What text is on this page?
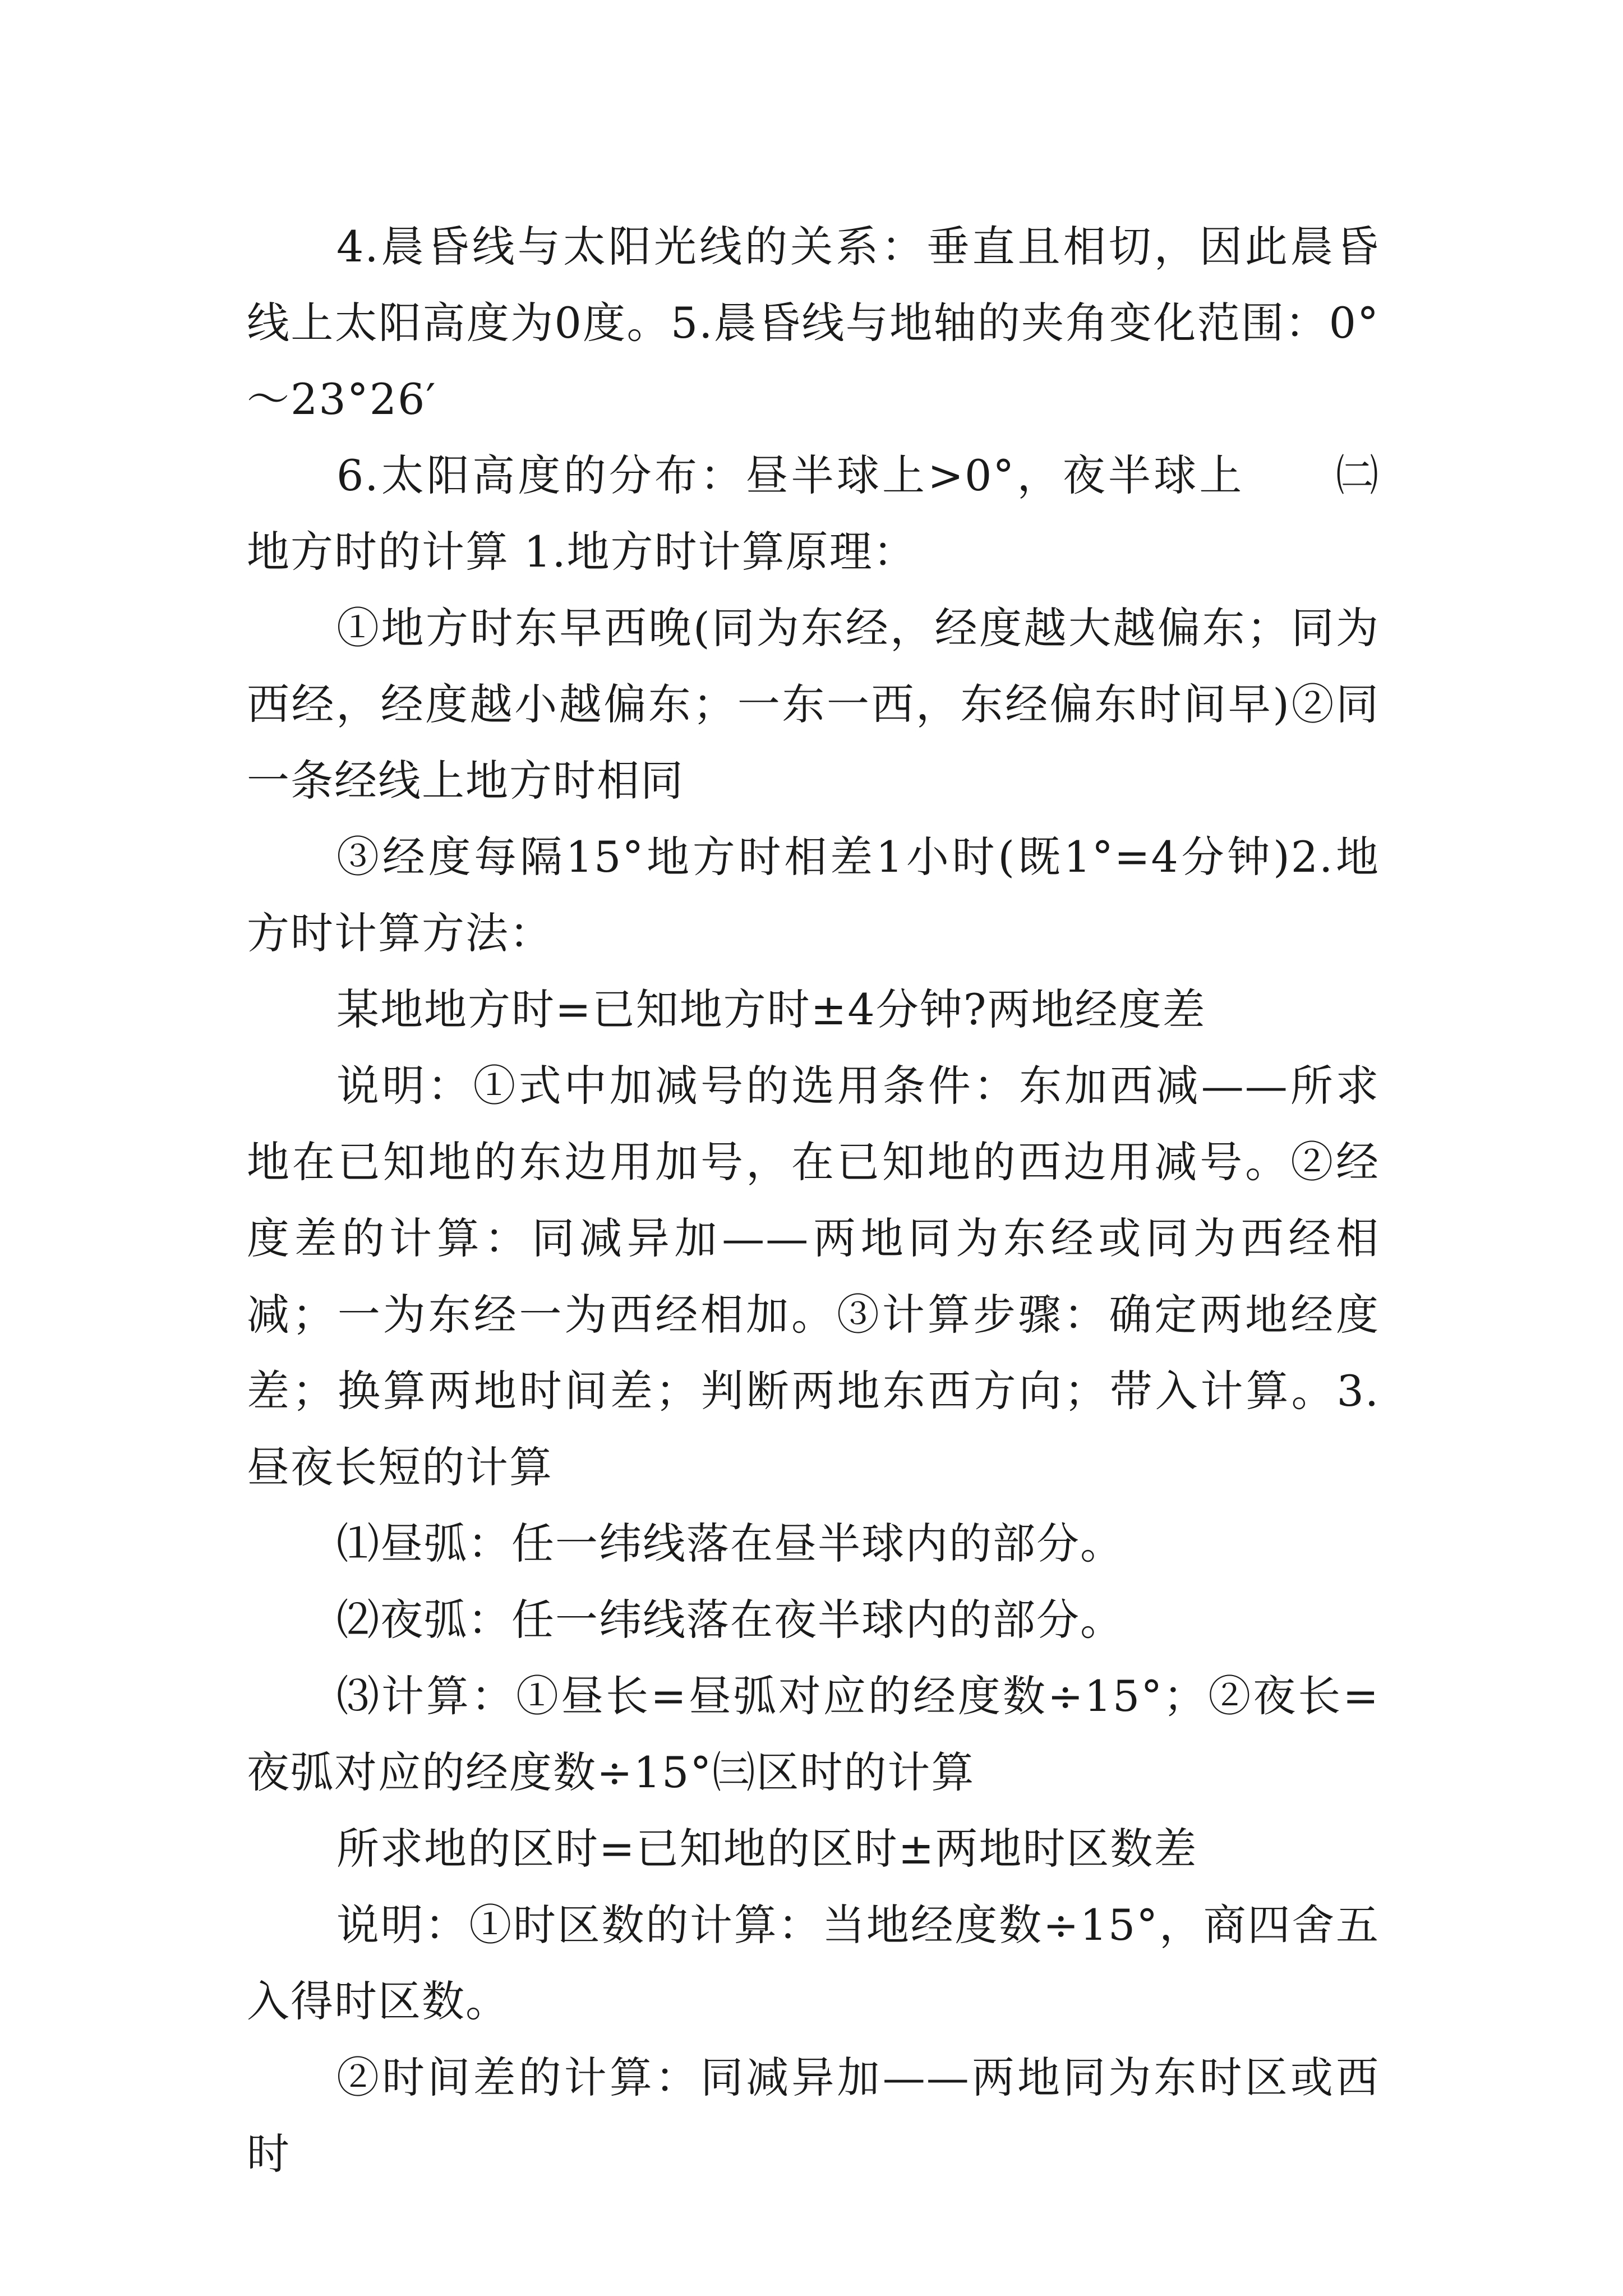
4.晨昏线与太阳光线的关系：垂直且相切，因此晨昏线上太阳高度为0度。5.晨昏线与地轴的夹角变化范围：0°～23°26′

6.太阳高度的分布：昼半球上>0°，夜半球上　　㈡地方时的计算 1.地方时计算原理：

①地方时东早西晚(同为东经，经度越大越偏东；同为西经，经度越小越偏东；一东一西，东经偏东时间早)②同一条经线上地方时相同

③经度每隔15°地方时相差1小时(既1°=4分钟)2.地方时计算方法：

某地地方时=已知地方时±4分钟?两地经度差

说明：①式中加减号的选用条件：东加西减——所求地在已知地的东边用加号，在已知地的西边用减号。②经度差的计算：同减异加——两地同为东经或同为西经相减；一为东经一为西经相加。③计算步骤：确定两地经度差；换算两地时间差；判断两地东西方向；带入计算。3.昼夜长短的计算

⑴昼弧：任一纬线落在昼半球内的部分。

⑵夜弧：任一纬线落在夜半球内的部分。

⑶计算：①昼长=昼弧对应的经度数÷15°；②夜长=夜弧对应的经度数÷15°㈢区时的计算

所求地的区时=已知地的区时±两地时区数差

说明：①时区数的计算：当地经度数÷15°，商四舍五入得时区数。

②时间差的计算：同减异加——两地同为东时区或西时
